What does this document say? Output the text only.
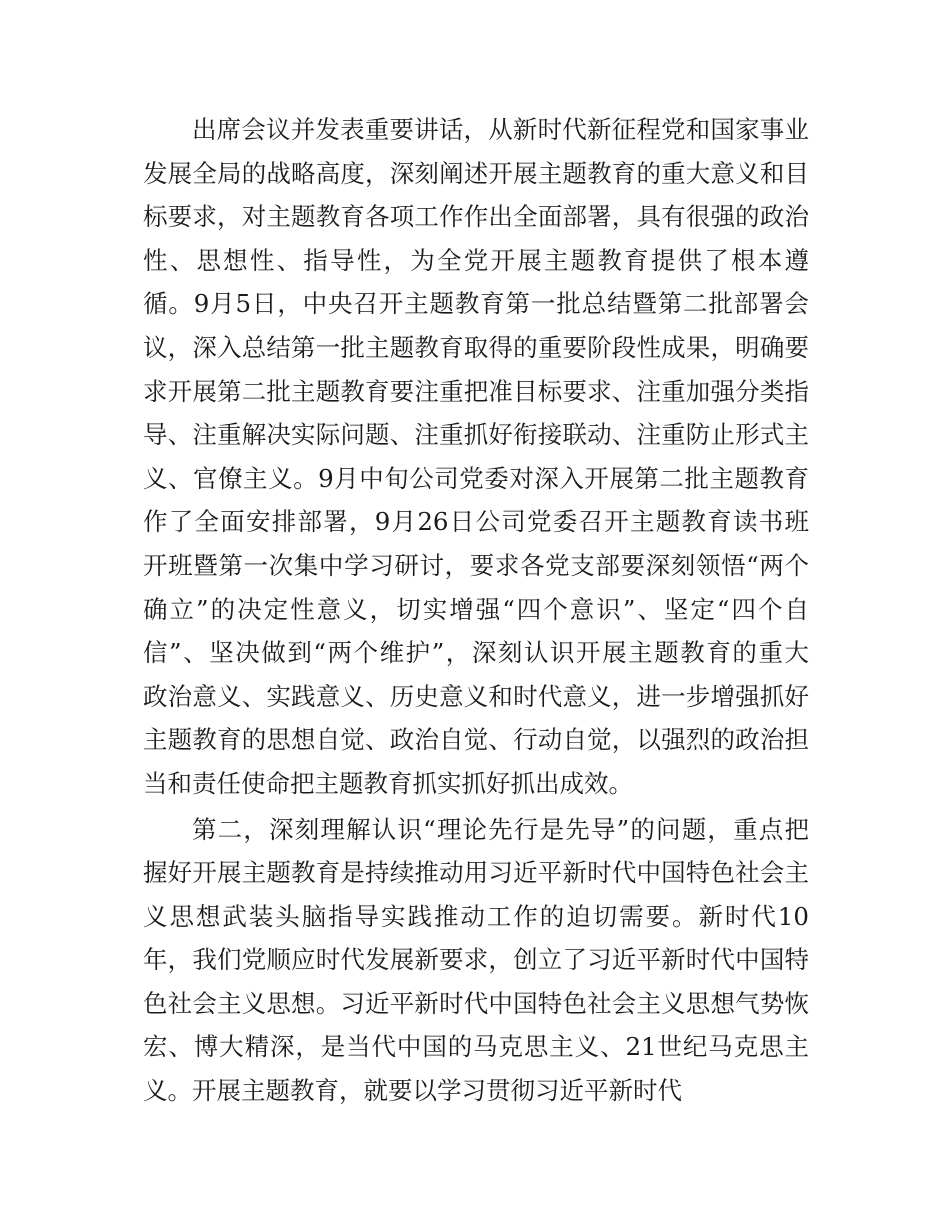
出席会议并发表重要讲话，从新时代新征程党和国家事业
发展全局的战略高度，深刻阐述开展主题教育的重大意义和目
标要求，对主题教育各项工作作出全面部署，具有很强的政治
性、思想性、指导性，为全党开展主题教育提供了根本遵
循。9月5日，中央召开主题教育第一批总结暨第二批部署会
议，深入总结第一批主题教育取得的重要阶段性成果，明确要
求开展第二批主题教育要注重把准目标要求、注重加强分类指
导、注重解决实际问题、注重抓好衔接联动、注重防止形式主
义、官僚主义。9月中旬公司党委对深入开展第二批主题教育
作了全面安排部署，9月26日公司党委召开主题教育读书班
开班暨第一次集中学习研讨，要求各党支部要深刻领悟“两个
确立”的决定性意义，切实增强“四个意识”、坚定“四个自
信”、坚决做到“两个维护”，深刻认识开展主题教育的重大
政治意义、实践意义、历史意义和时代意义，进一步增强抓好
主题教育的思想自觉、政治自觉、行动自觉，以强烈的政治担
当和责任使命把主题教育抓实抓好抓出成效。
第二，深刻理解认识“理论先行是先导”的问题，重点把
握好开展主题教育是持续推动用习近平新时代中国特色社会主
义思想武装头脑指导实践推动工作的迫切需要。新时代10
年，我们党顺应时代发展新要求，创立了习近平新时代中国特
色社会主义思想。习近平新时代中国特色社会主义思想气势恢
宏、博大精深，是当代中国的马克思主义、21世纪马克思主
义。开展主题教育，就要以学习贯彻习近平新时代
